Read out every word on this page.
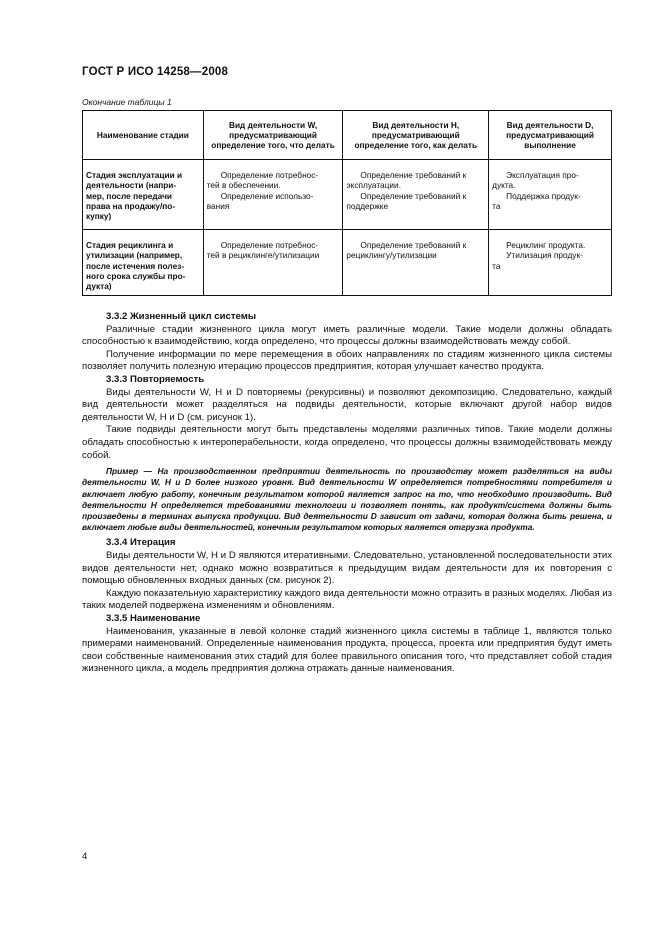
ГОСТ Р ИСО 14258—2008
Окончание таблицы 1
Наименование стадии	Вид деятельности W, предусматривающий определение того, что делать	Вид деятельности H, предусматривающий определение того, как делать	Вид деятельности D, предусматривающий выполнение

Стадия эксплуатации и
деятельности (напри-
мер, после передачи
права на продажу/по-
купку)	Определение потребнос-
тей в обеспечении.
Определение использо-
вания	Определение требований к
эксплуатации.
Определение требований к
поддержке	Эксплуатация про-
дукта.
Поддержка продук-
та

Стадия рециклинга и
утилизации (например,
после истечения полез-
ного срока службы про-
дукта)	Определение потребнос-
тей в рециклинге/утилизации	Определение требований к
рециклингу/утилизации	Рециклинг продукта.
Утилизация продук-
та
3.3.2 Жизненный цикл системы
Различные стадии жизненного цикла могут иметь различные модели. Такие модели должны обладать способностью к взаимодействию, когда определено, что процессы должны взаимодействовать между собой.
Получение информации по мере перемещения в обоих направлениях по стадиям жизненного цикла системы позволяет получить полезную итерацию процессов предприятия, которая улучшает качество продукта.
3.3.3 Повторяемость
Виды деятельности W, H и D повторяемы (рекурсивны) и позволяют декомпозицию. Следовательно, каждый вид деятельности может разделяться на подвиды деятельности, которые включают другой набор видов деятельности W, H и D (см. рисунок 1).
Такие подвиды деятельности могут быть представлены моделями различных типов. Такие модели должны обладать способностью к интероперабельности, когда определено, что процессы должны взаимодействовать между собой.
Пример — На производственном предприятии деятельность по производству может разделяться на виды деятельности W, H и D более низкого уровня. Вид деятельности W определяется потребностями потребителя и включает любую работу, конечным результатом которой является запрос на то, что необходимо производить. Вид деятельности H определяется требованиями технологии и позволяет понять, как продукт/система должны быть произведены в терминах выпуска продукции. Вид деятельности D зависит от задачи, которая должна быть решена, и включает любые виды деятельностей, конечным результатом которых является отгрузка продукта.
3.3.4 Итерация
Виды деятельности W, H и D являются итеративными. Следовательно, установленной последовательности этих видов деятельности нет, однако можно возвратиться к предыдущим видам деятельности для их повторения с помощью обновленных входных данных (см. рисунок 2).
Каждую показательную характеристику каждого вида деятельности можно отразить в разных моделях. Любая из таких моделей подвержена изменениям и обновлениям.
3.3.5 Наименование
Наименования, указанные в левой колонке стадий жизненного цикла системы в таблице 1, являются только примерами наименований. Определенные наименования продукта, процесса, проекта или предприятия будут иметь свои собственные наименования этих стадий для более правильного описания того, что представляет собой стадия жизненного цикла, а модель предприятия должна отражать данные наименования.
4
